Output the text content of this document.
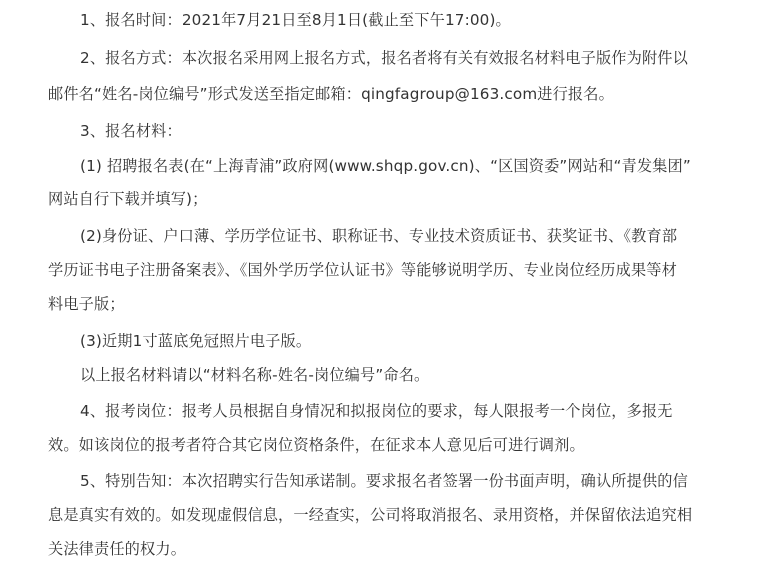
1、报名时间：2021年7月21日至8月1日(截止至下午17:00)。
2、报名方式：本次报名采用网上报名方式，报名者将有关有效报名材料电子版作为附件以
邮件名“姓名-岗位编号”形式发送至指定邮箱：qingfagroup@163.com进行报名。
3、报名材料：
(1) 招聘报名表(在“上海青浦”政府网(www.shqp.gov.cn)、“区国资委”网站和“青发集团”
网站自行下载并填写)；
(2)身份证、户口薄、学历学位证书、职称证书、专业技术资质证书、获奖证书、《教育部
学历证书电子注册备案表》、《国外学历学位认证书》等能够说明学历、专业岗位经历成果等材
料电子版；
(3)近期1寸蓝底免冠照片电子版。
以上报名材料请以“材料名称-姓名-岗位编号”命名。
4、报考岗位：报考人员根据自身情况和拟报岗位的要求，每人限报考一个岗位，多报无
效。如该岗位的报考者符合其它岗位资格条件，在征求本人意见后可进行调剂。
5、特别告知：本次招聘实行告知承诺制。要求报名者签署一份书面声明，确认所提供的信
息是真实有效的。如发现虚假信息，一经查实，公司将取消报名、录用资格，并保留依法追究相
关法律责任的权力。
